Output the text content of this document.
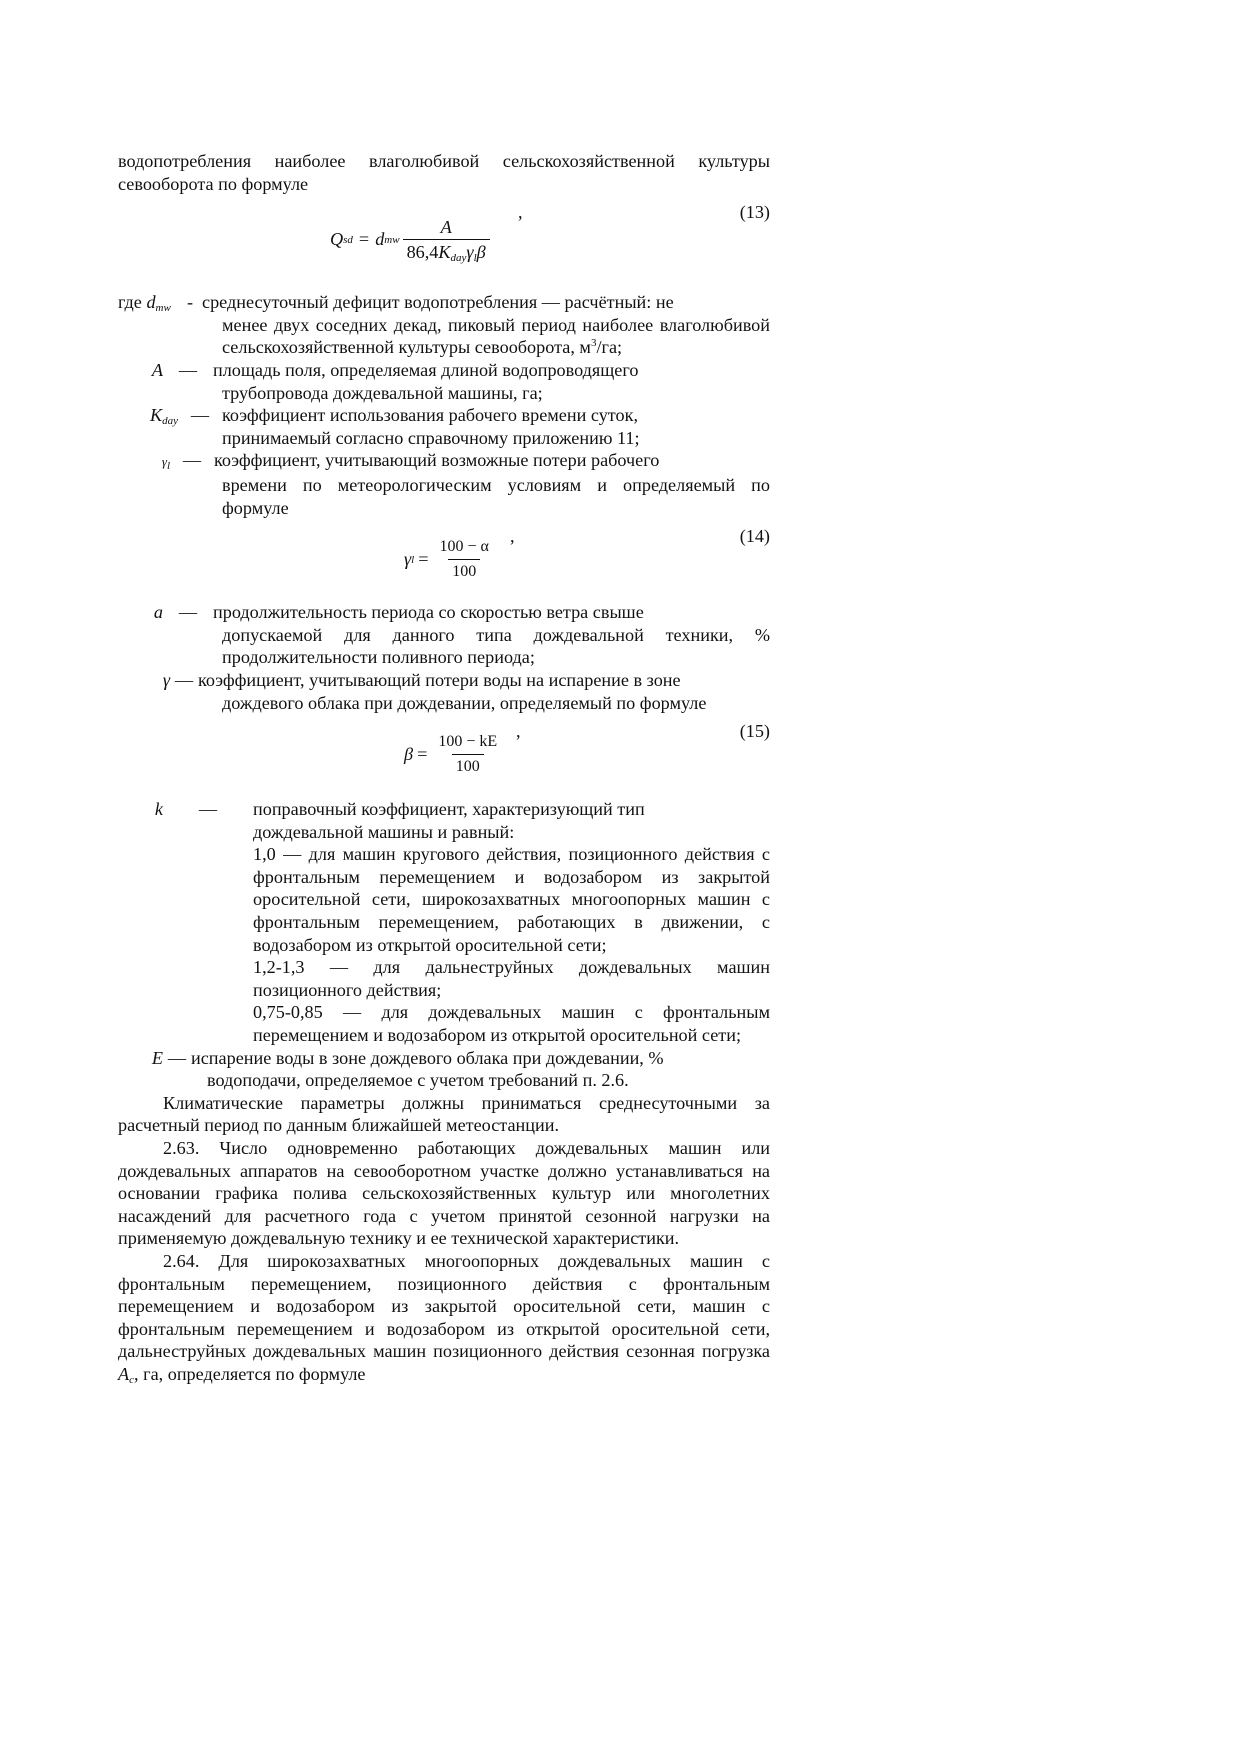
водопотребления наиболее влаголюбивой сельскохозяйственной культуры севооборота по формуле

,	(13)
Q sd = d mw $\frac{A}{86,4K_{day}\gamma_l\beta}$
где $d_{mw}$ - среднесуточный дефицит водопотребления — расчётный: не

менее двух соседних декад, пиковый период наиболее влаголюбивой сельскохозяйственной культуры севооборота, $м^3/га$;

A — площадь поля, определяемая длиной водопроводящего

трубопровода дождевальной машины, га;

$K_{day}$ — коэффициент использования рабочего времени суток,

принимаемый согласно справочному приложению 11;

$\gamma_l$ — коэффициент, учитывающий возможные потери рабочего

времени по метеорологическим условиям и определяемый по формуле

,	(14)
γ $l = \frac{100 - \alpha}{100}$
a — продолжительность периода со скоростью ветра свыше

допускаемой для данного типа дождевальной техники, % продолжительности поливного периода;

γ — коэффициент, учитывающий потери воды на испарение в зоне

дождевого облака при дождевании, определяемый по формуле

,	(15)
$\beta = \frac{100 - kE}{100}$
k	—	поправочный коэффициент, характеризующий тип

дождевальной машины и равный:

1,0 — для машин кругового действия, позиционного действия с фронтальным перемещением и водозабором из закрытой оросительной сети, широкозахватных многоопорных машин с фронтальным перемещением, работающих в движении, с водозабором из открытой оросительной сети;

1,2-1,3 — для дальнеструйных дождевальных машин позиционного действия;

0,75-0,85 — для дождевальных машин с фронтальным перемещением и водозабором из открытой оросительной сети;

E — испарение воды в зоне дождевого облака при дождевании, %

водоподачи, определяемое с учетом требований п. 2.6.

Климатические параметры должны приниматься среднесуточными за расчетный период по данным ближайшей метеостанции.

2.63. Число одновременно работающих дождевальных машин или дождевальных аппаратов на севооборотном участке должно устанавливаться на основании графика полива сельскохозяйственных культур или многолетних насаждений для расчетного года с учетом принятой сезонной нагрузки на применяемую дождевальную технику и ее технической характеристики.

2.64. Для широкозахватных многоопорных дождевальных машин с фронтальным перемещением, позиционного действия с фронтальным перемещением и водозабором из закрытой оросительной сети, машин с фронтальным перемещением и водозабором из открытой оросительной сети, дальнеструйных дождевальных машин позиционного действия сезонная погрузка $A_c$, га, определяется по формуле
